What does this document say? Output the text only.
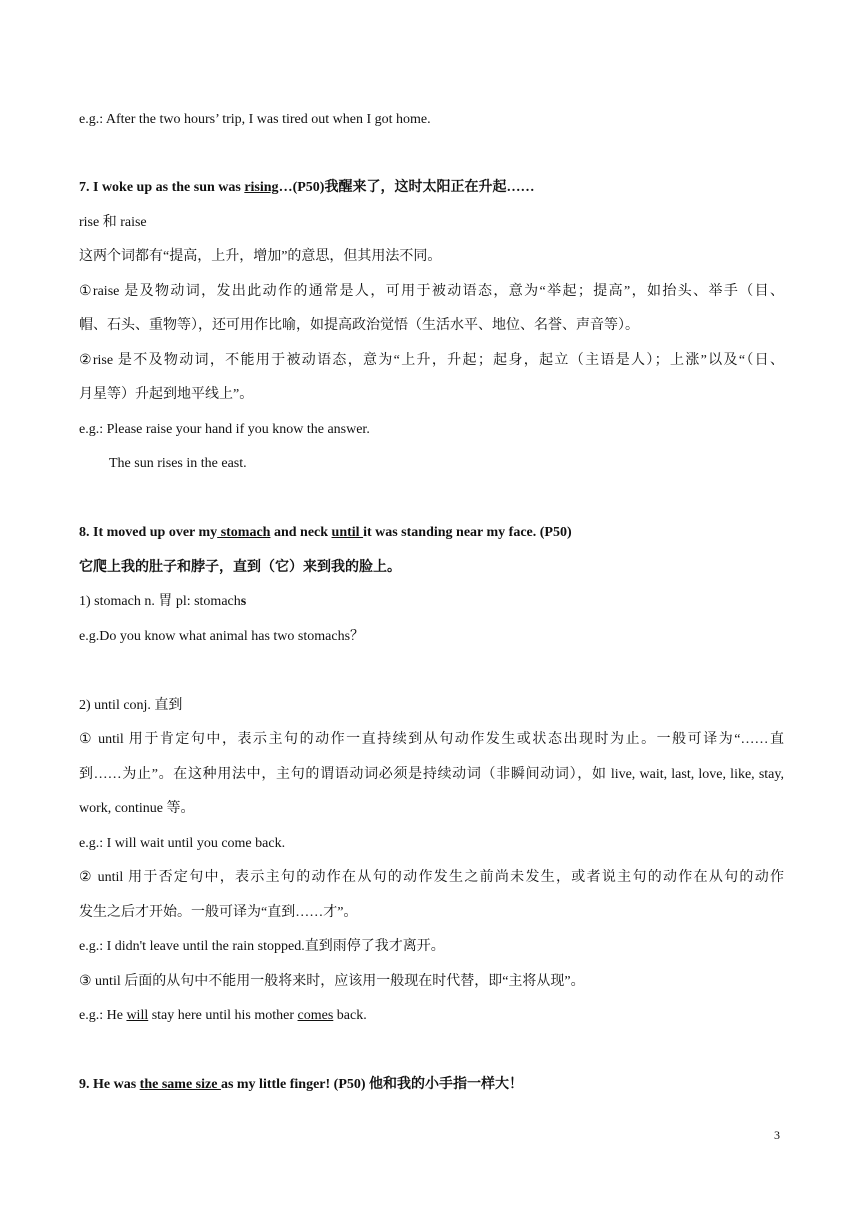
e.g.: After the two hours’ trip, I was tired out when I got home.
7. I woke up as the sun was rising…(P50)我醒来了，这时太阳正在升起……
rise 和 raise
这两个词都有“提高，上升，增加”的意思，但其用法不同。
①raise 是及物动词，发出此动作的通常是人，可用于被动语态，意为“举起；提高”，如抬头、举手（目、
帽、石头、重物等），还可用作比喻，如提高政治觉悟（生活水平、地位、名誉、声音等）。
②rise 是不及物动词，不能用于被动语态，意为“上升，升起；起身，起立（主语是人）；上涨”以及“（日、
月星等）升起到地平线上”。
e.g.: Please raise your hand if you know the answer.
The sun rises in the east.
8. It moved up over my stomach and neck until it was standing near my face. (P50)
它爬上我的肚子和脖子，直到（它）来到我的脸上。
1) stomach n. 胃 pl: stomachs
e.g.Do you know what animal has two stomachs？
2) until conj. 直到
① until 用于肯定句中，表示主句的动作一直持续到从句动作发生或状态出现时为止。一般可译为“……直
到……为止”。在这种用法中，主句的谓语动词必须是持续动词（非瞬间动词），如 live, wait, last, love, like, stay,
work, continue 等。
e.g.: I will wait until you come back.
② until 用于否定句中，表示主句的动作在从句的动作发生之前尚未发生，或者说主句的动作在从句的动作
发生之后才开始。一般可译为“直到……才”。
e.g.: I didn't leave until the rain stopped.直到雨停了我才离开。
③ until 后面的从句中不能用一般将来时，应该用一般现在时代替，即“主将从现”。
e.g.: He will stay here until his mother comes back.
9. He was the same size as my little finger! (P50) 他和我的小手指一样大！
3
